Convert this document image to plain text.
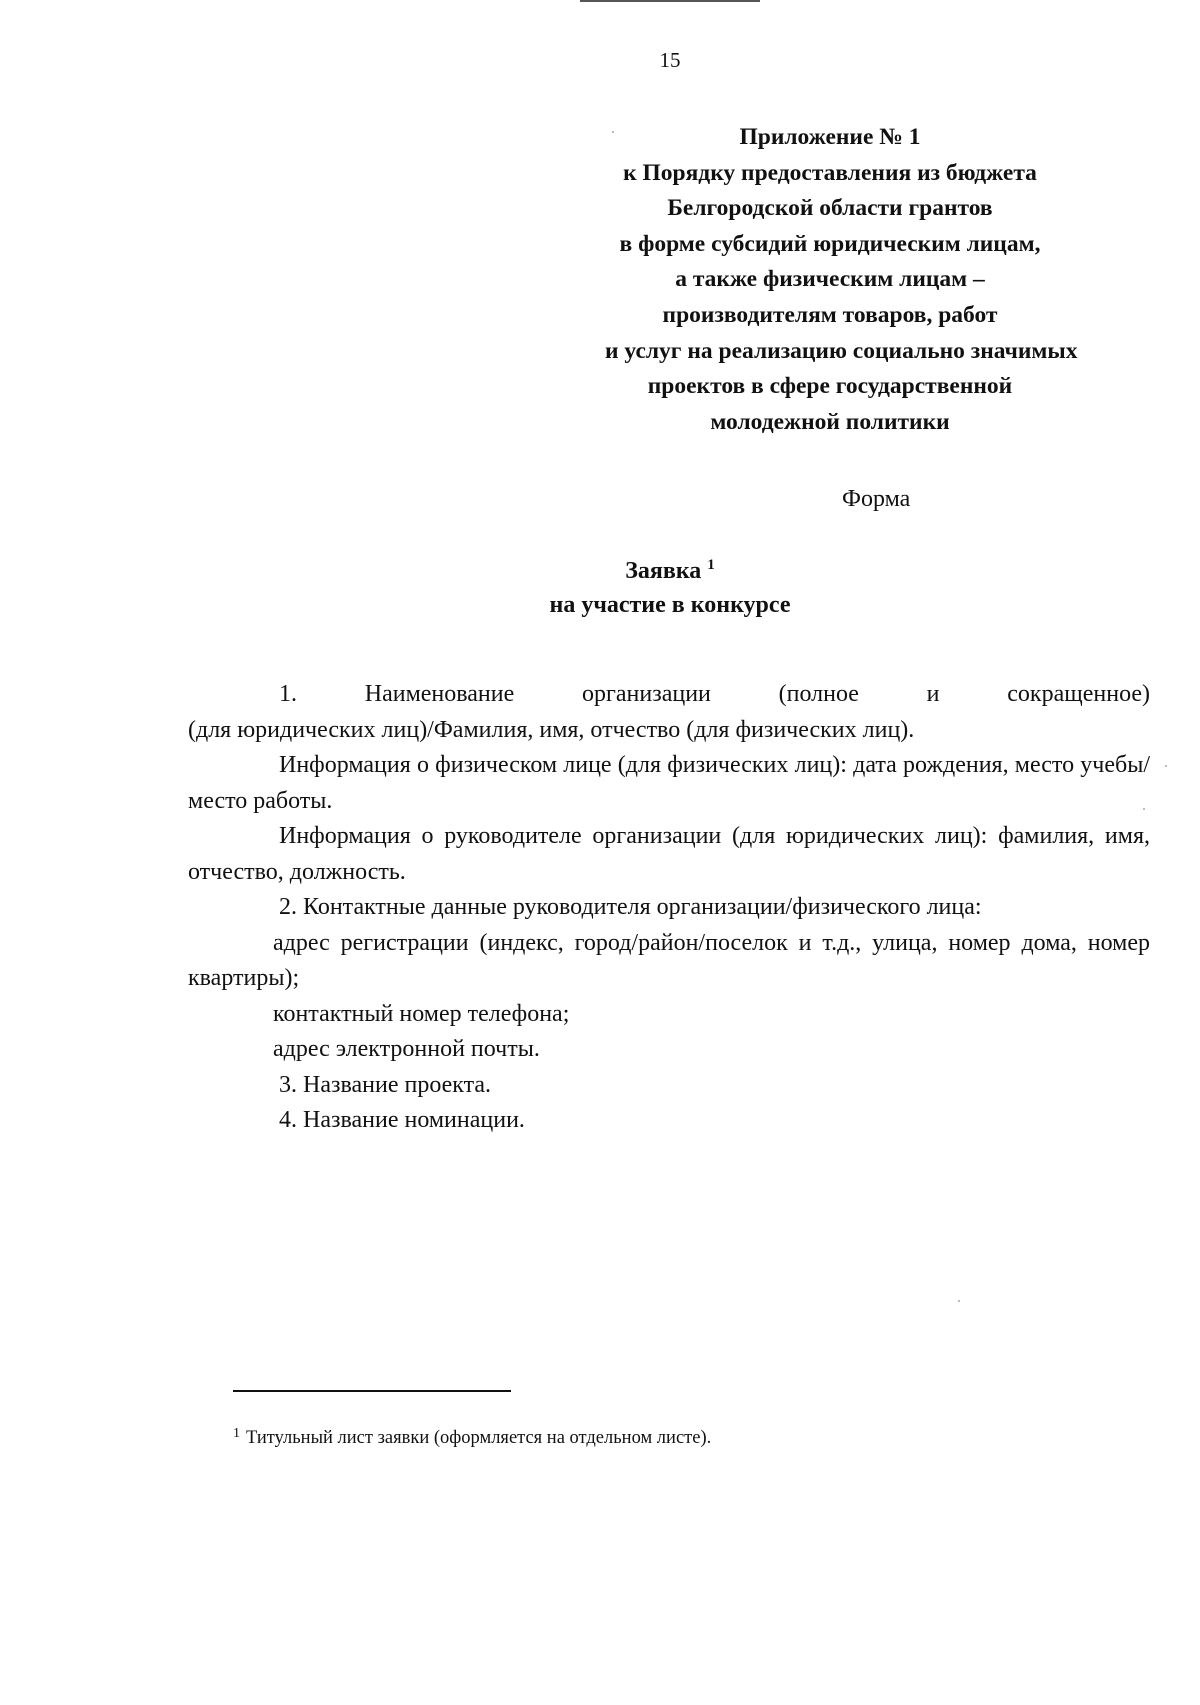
15
Приложение № 1
к Порядку предоставления из бюджета
Белгородской области грантов
в форме субсидий юридическим лицам,
а также физическим лицам –
производителям товаров, работ
и услуг на реализацию социально значимых
проектов в сфере государственной
молодежной политики
Форма
Заявка $^1$
на участие в конкурсе

1. Наименование организации (полное и сокращенное)

(для юридических лиц)/Фамилия, имя, отчество (для физических лиц).

Информация о физическом лице (для физических лиц): дата рождения, место учебы/место работы.

Информация о руководителе организации (для юридических лиц): фамилия, имя, отчество, должность.

2. Контактные данные руководителя организации/физического лица:

адрес регистрации (индекс, город/район/поселок и т.д., улица, номер дома, номер квартиры);

контактный номер телефона;

адрес электронной почты.

3. Название проекта.

4. Название номинации.

$^1$ Титульный лист заявки (оформляется на отдельном листе).
